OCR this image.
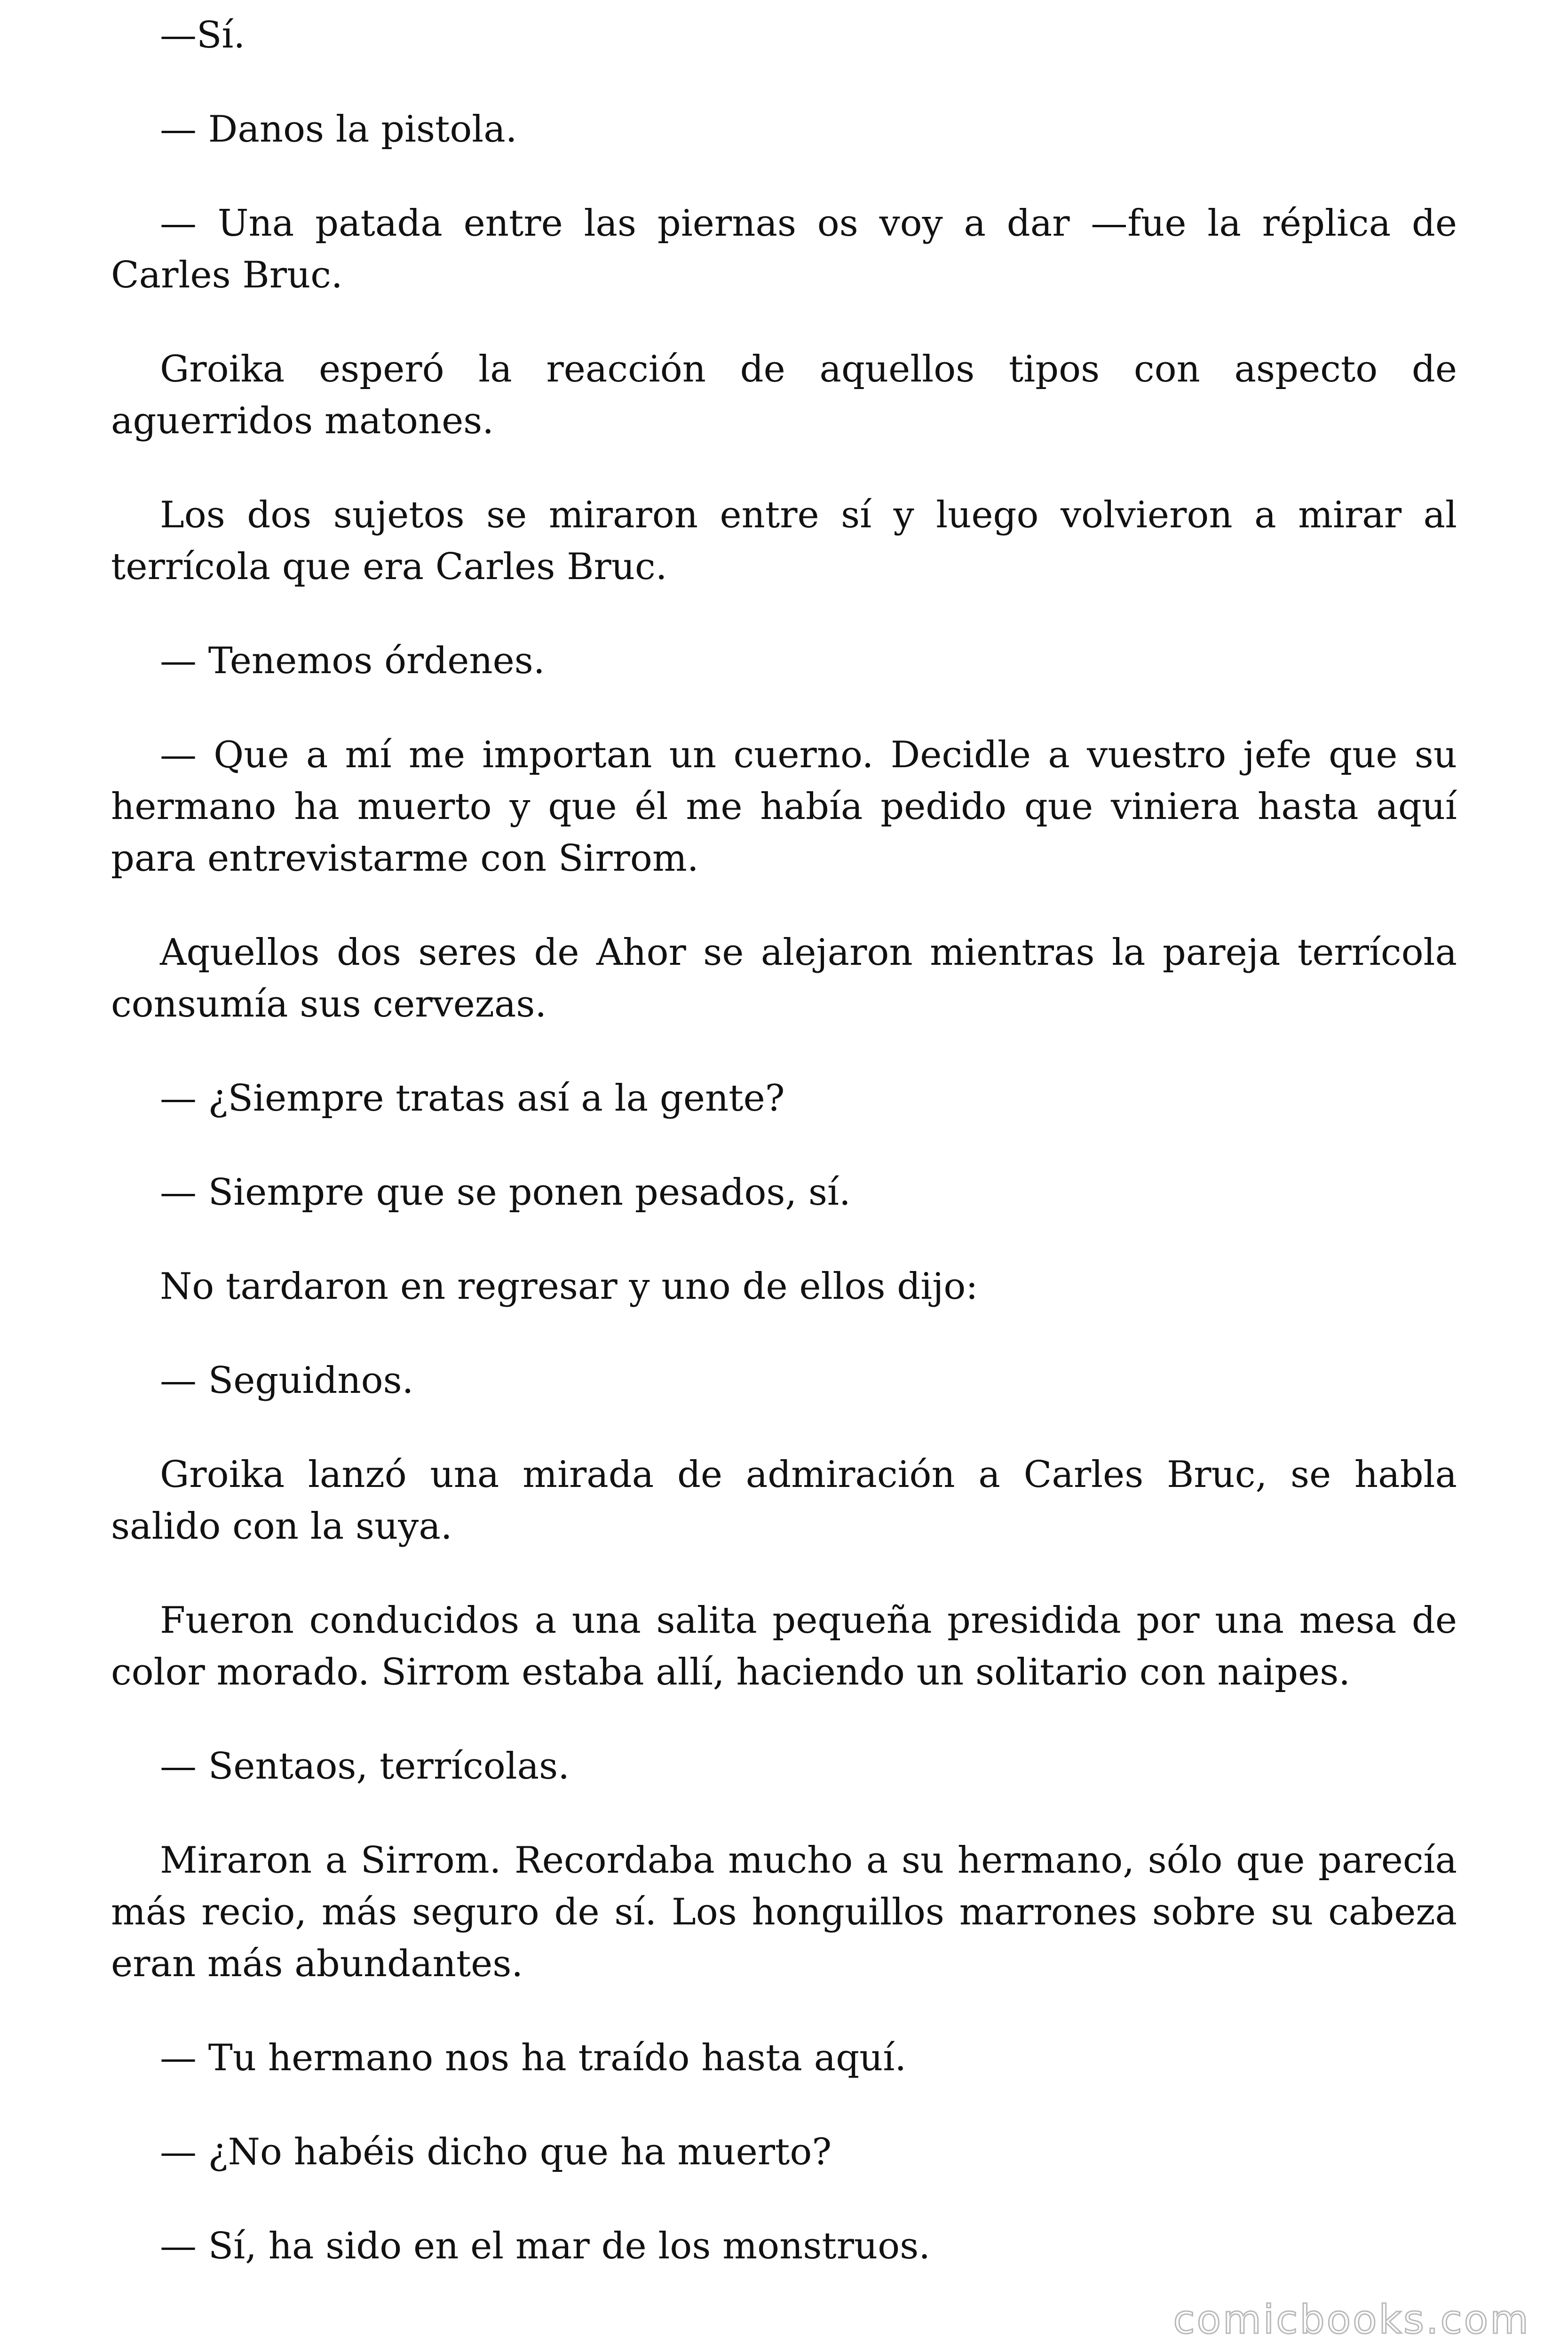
—Sí.

— Danos la pistola.

— Una patada entre las piernas os voy a dar —fue la réplica de Carles Bruc.

Groika esperó la reacción de aquellos tipos con aspecto de aguerridos matones.

Los dos sujetos se miraron entre sí y luego volvieron a mirar al terrícola que era Carles Bruc.

— Tenemos órdenes.

— Que a mí me importan un cuerno. Decidle a vuestro jefe que su hermano ha muerto y que él me había pedido que viniera hasta aquí para entrevistarme con Sirrom.

Aquellos dos seres de Ahor se alejaron mientras la pareja terrícola consumía sus cervezas.

— ¿Siempre tratas así a la gente?

— Siempre que se ponen pesados, sí.

No tardaron en regresar y uno de ellos dijo:

— Seguidnos.

Groika lanzó una mirada de admiración a Carles Bruc, se habla salido con la suya.

Fueron conducidos a una salita pequeña presidida por una mesa de color morado. Sirrom estaba allí, haciendo un solitario con naipes.

— Sentaos, terrícolas.

Miraron a Sirrom. Recordaba mucho a su hermano, sólo que parecía más recio, más seguro de sí. Los honguillos marrones sobre su cabeza eran más abundantes.

— Tu hermano nos ha traído hasta aquí.

— ¿No habéis dicho que ha muerto?

— Sí, ha sido en el mar de los monstruos.

comicbooks.com
